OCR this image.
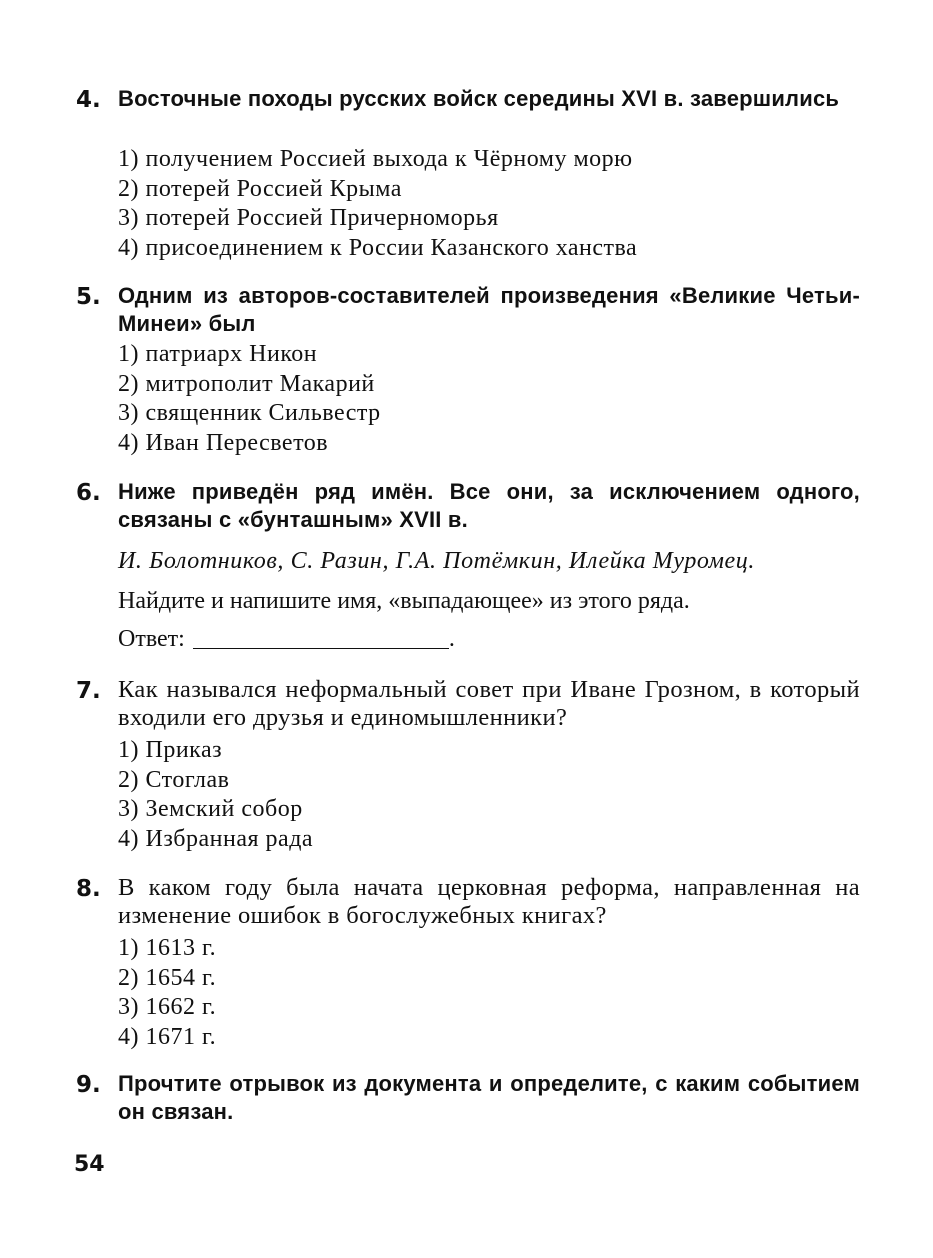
4. Восточные походы русских войск середины XVI в. завершились
1) получением Россией выхода к Чёрному морю
2) потерей Россией Крыма
3) потерей Россией Причерноморья
4) присоединением к России Казанского ханства
5. Одним из авторов-составителей произведения «Великие Четьи-Минеи» был
1) патриарх Никон
2) митрополит Макарий
3) священник Сильвестр
4) Иван Пересветов
6. Ниже приведён ряд имён. Все они, за исключением одного, связаны с «бунташным» XVII в.
И. Болотников, С. Разин, Г.А. Потёмкин, Илейка Муромец.
Найдите и напишите имя, «выпадающее» из этого ряда.
Ответ:	.
7. Как назывался неформальный совет при Иване Грозном, в который входили его друзья и единомышленники?
1) Приказ
2) Стоглав
3) Земский собор
4) Избранная рада
8. В каком году была начата церковная реформа, направленная на изменение ошибок в богослужебных книгах?
1) 1613 г.
2) 1654 г.
3) 1662 г.
4) 1671 г.
9. Прочтите отрывок из документа и определите, с каким событием он связан.
54
